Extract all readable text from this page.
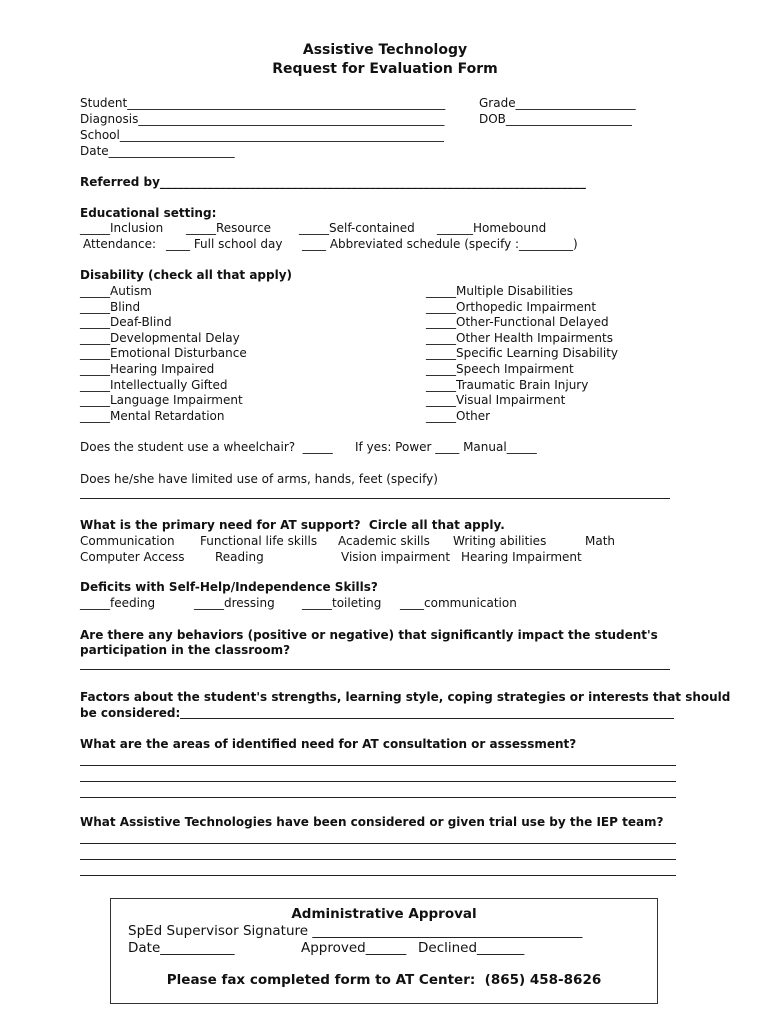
Assistive Technology
Request for Evaluation Form
Student_____________________________________________________	Grade____________________
Diagnosis___________________________________________________	DOB_____________________
School______________________________________________________
Date_____________________
Referred by_______________________________________________________________________
Educational setting:
_____Inclusion _____Resource _____Self-contained ______Homebound
Attendance: ____ Full school day ____ Abbreviated schedule (specify :_________)
Disability (check all that apply)
_____Autism
_____Blind
_____Deaf-Blind
_____Developmental Delay
_____Emotional Disturbance
_____Hearing Impaired
_____Intellectually Gifted
_____Language Impairment
_____Mental Retardation
_____Multiple Disabilities
_____Orthopedic Impairment
_____Other-Functional Delayed
_____Other Health Impairments
_____Specific Learning Disability
_____Speech Impairment
_____Traumatic Brain Injury
_____Visual Impairment
_____Other
Does the student use a wheelchair?  _____ If yes: Power ____ Manual_____
Does he/she have limited use of arms, hands, feet (specify)
What is the primary need for AT support?  Circle all that apply.
Communication Functional life skills Academic skills Writing abilities	Math
Computer Access	Reading	Vision impairment Hearing Impairment
Deficits with Self-Help/Independence Skills?
_____feeding	_____dressing _____toileting ____communication
Are there any behaviors (positive or negative) that significantly impact the student's
participation in the classroom?
Factors about the student's strengths, learning style, coping strategies or interests that should
be considered:
What are the areas of identified need for AT consultation or assessment?
What Assistive Technologies have been considered or given trial use by the IEP team?
Administrative Approval
SpEd Supervisor Signature ________________________________________
Date___________	Approved______ Declined_______
Please fax completed form to AT Center:  (865) 458-8626
